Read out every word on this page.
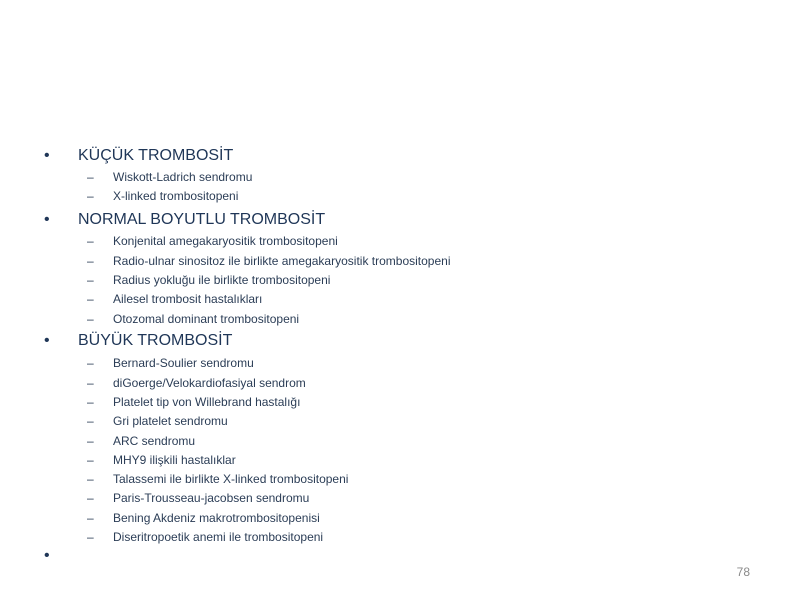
• KÜÇÜK TROMBOSİT
– Wiskott-Ladrich sendromu
– X-linked trombositopeni
• NORMAL BOYUTLU TROMBOSİT
– Konjenital amegakaryositik trombositopeni
– Radio-ulnar sinositoz ile birlikte amegakaryositik trombositopeni
– Radius yokluğu ile birlikte trombositopeni
– Ailesel trombosit hastalıkları
– Otozomal dominant trombositopeni
• BÜYÜK TROMBOSİT
– Bernard-Soulier sendromu
– diGoerge/Velokardiofasiyal sendrom
– Platelet tip von Willebrand hastalığı
– Gri platelet sendromu
– ARC sendromu
– MHY9 ilişkili hastalıklar
– Talassemi ile birlikte X-linked trombositopeni
– Paris-Trousseau-jacobsen sendromu
– Bening Akdeniz makrotrombositopenisi
– Diseritropoetik anemi ile trombositopeni
•
78
